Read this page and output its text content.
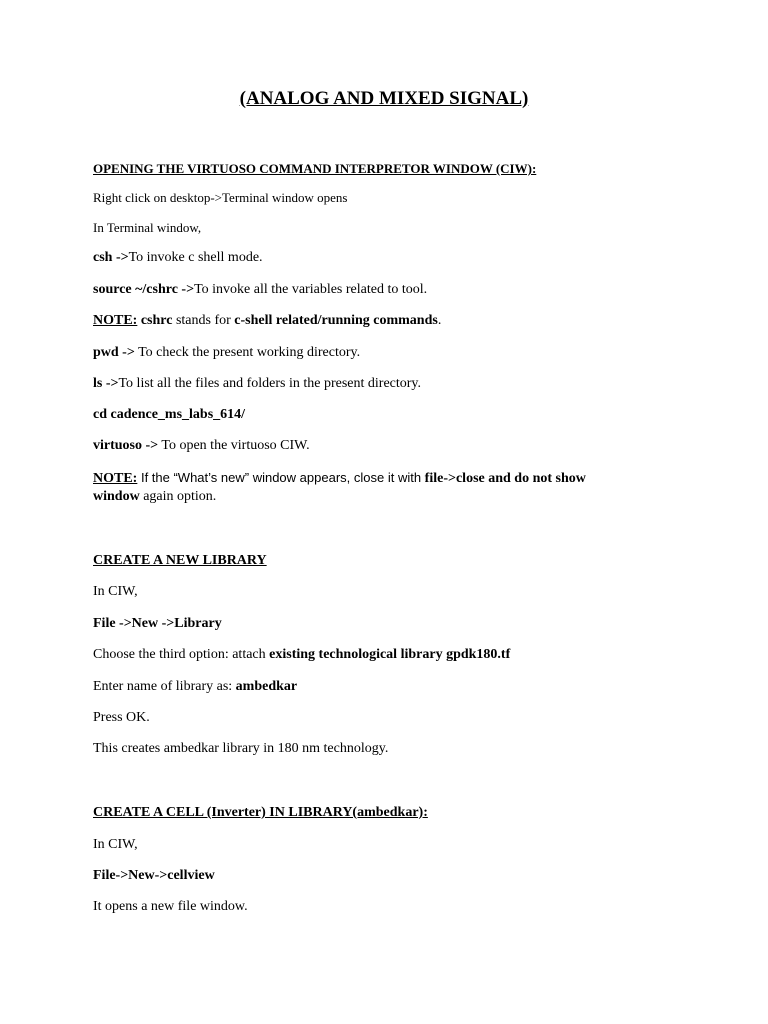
(ANALOG AND MIXED SIGNAL)
OPENING THE VIRTUOSO COMMAND INTERPRETOR WINDOW (CIW):
Right click on desktop->Terminal window opens
In Terminal window,
csh ->To invoke c shell mode.
source ~/cshrc ->To invoke all the variables related to tool.
NOTE: cshrc stands for c-shell related/running commands.
pwd -> To check the present working directory.
ls ->To list all the files and folders in the present directory.
cd cadence_ms_labs_614/
virtuoso -> To open the virtuoso CIW.
NOTE: If the “What’s new” window appears, close it with file->close and do not show
window again option.
CREATE A NEW LIBRARY
In CIW,
File ->New ->Library
Choose the third option: attach existing technological library gpdk180.tf
Enter name of library as: ambedkar
Press OK.
This creates ambedkar library in 180 nm technology.
CREATE A CELL (Inverter) IN LIBRARY(ambedkar):
In CIW,
File->New->cellview
It opens a new file window.
